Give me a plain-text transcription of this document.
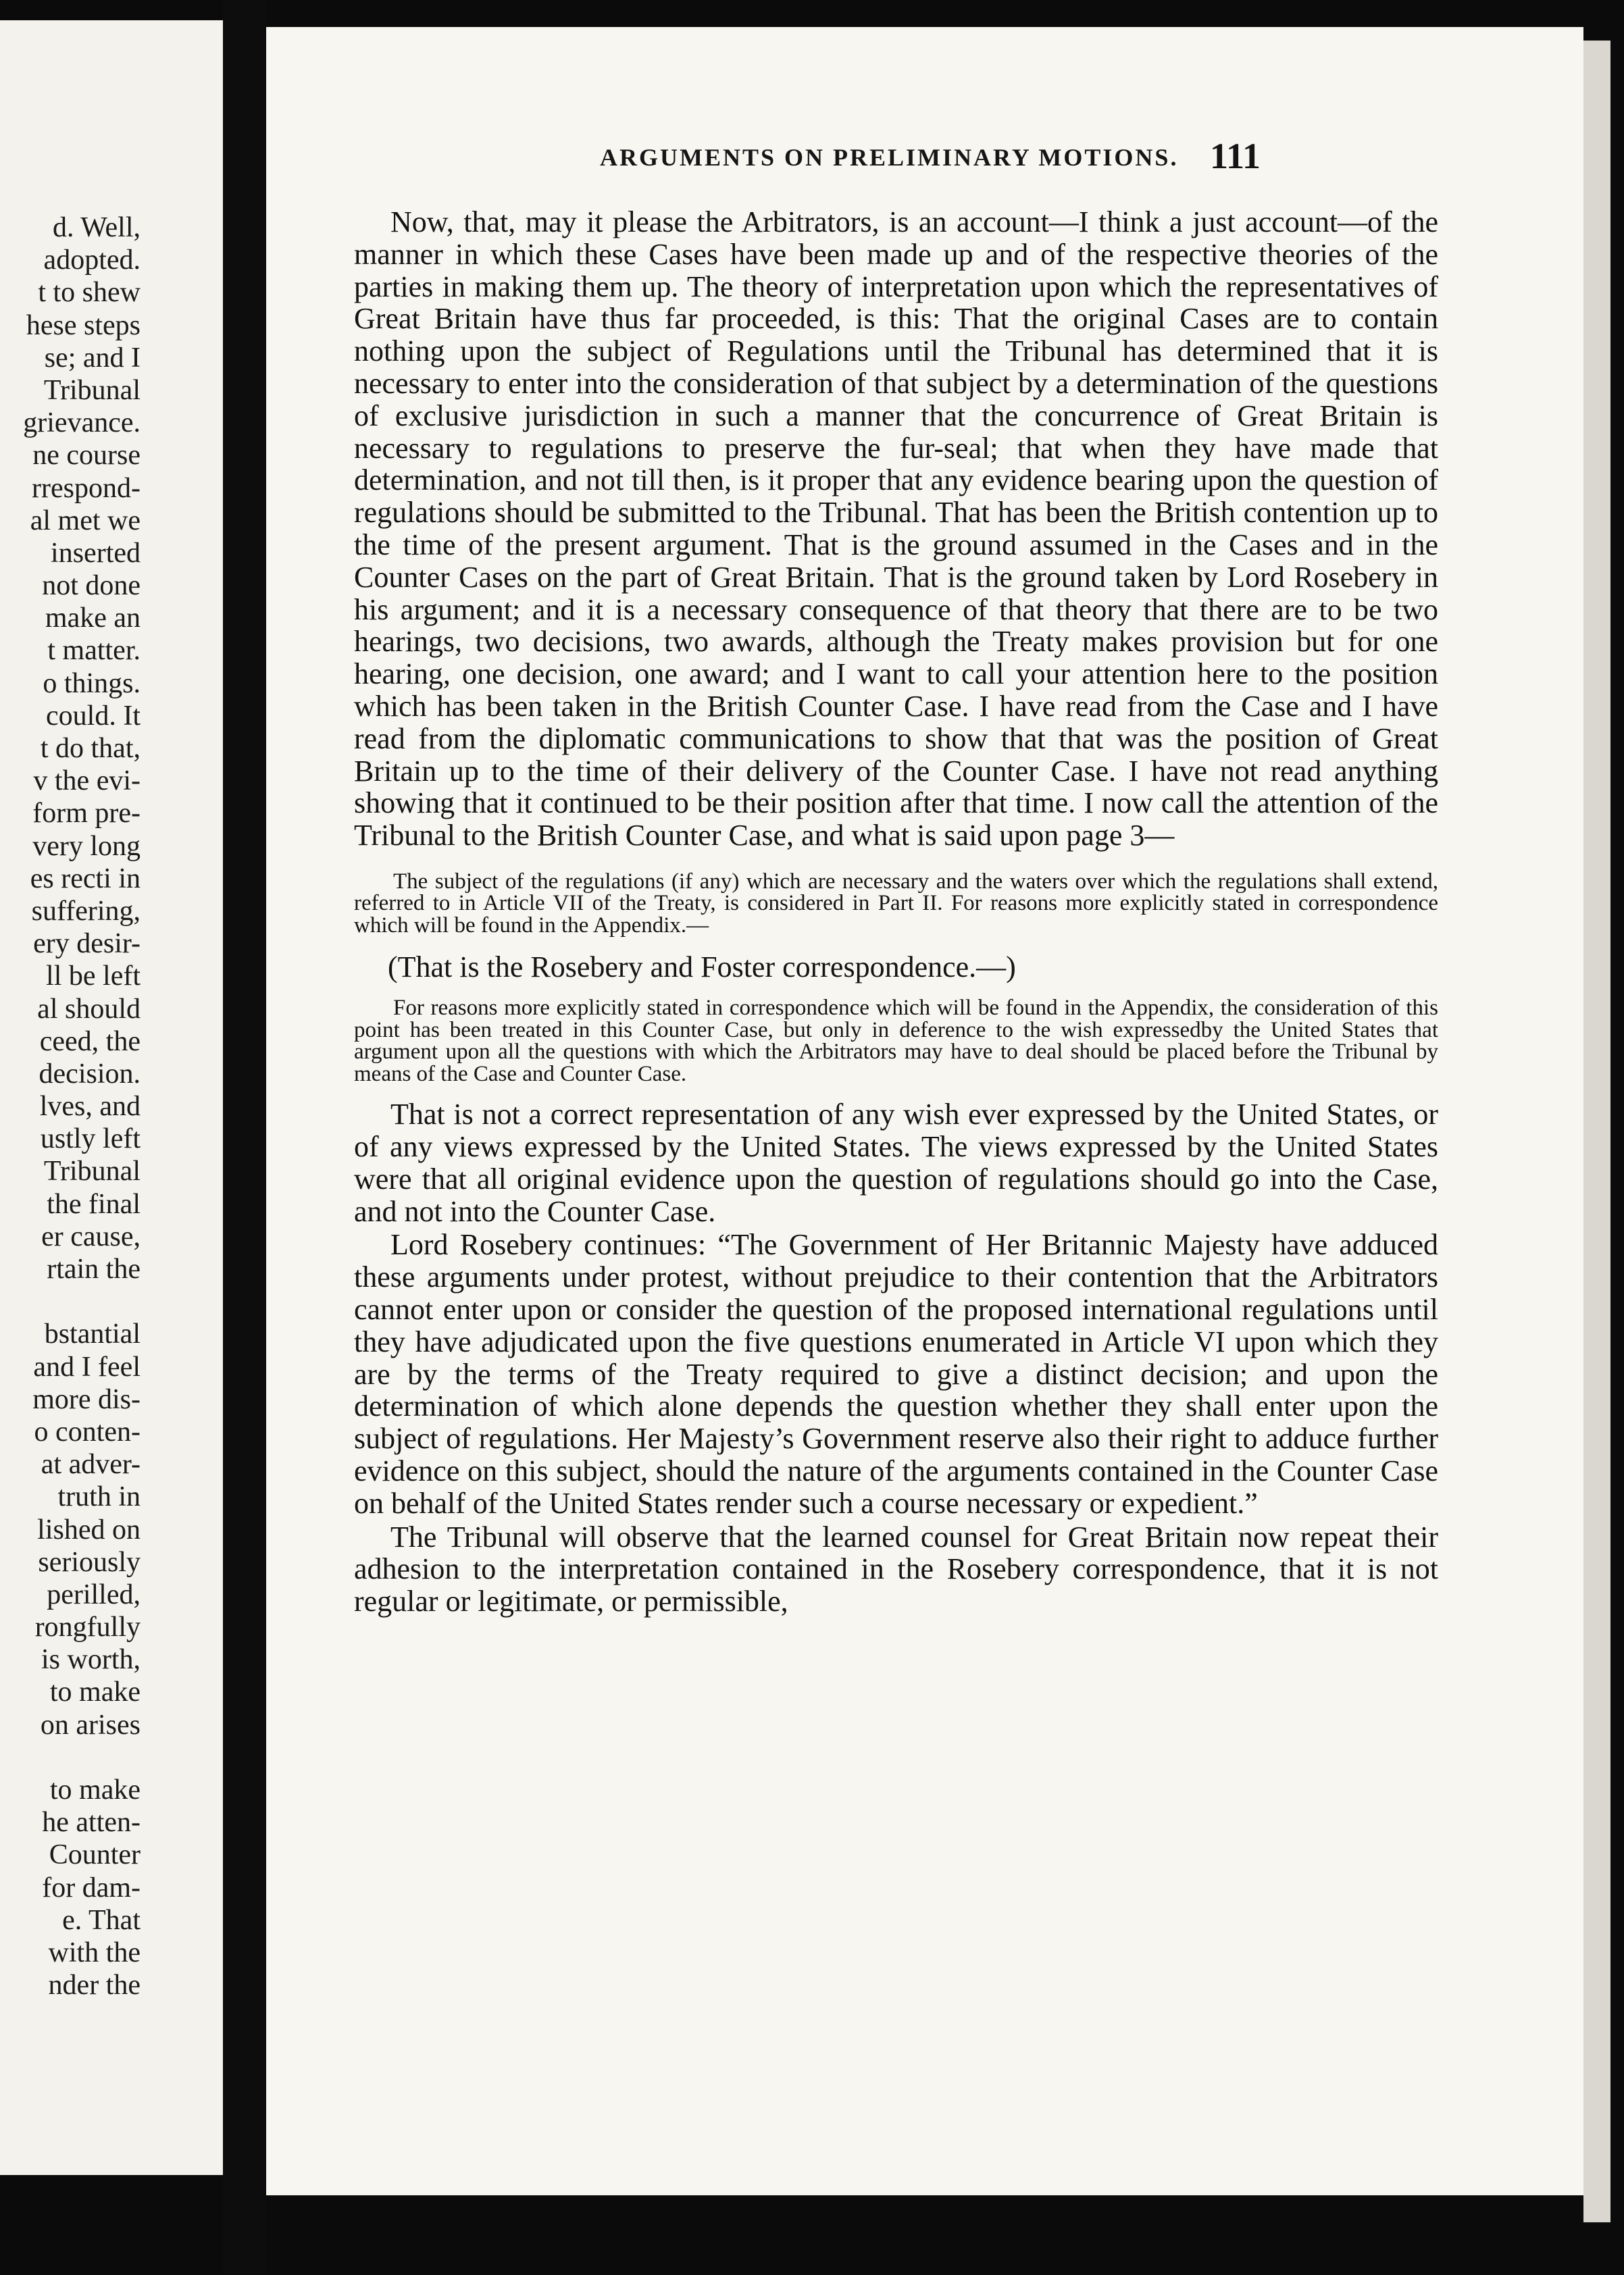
d. Well,
adopted.
t to shew
hese steps
se; and I
Tribunal
grievance.
ne course
rrespond-
al met we
inserted
not done
make an
t matter.
o things.
could. It
t do that,
v the evi-
form pre-
very long
es recti in
suffering,
ery desir-
ll be left
al should
ceed, the
decision.
lves, and
ustly left
Tribunal
the final
er cause,
rtain the
bstantial
and I feel
more dis-
o conten-
at adver-
truth in
lished on
seriously
perilled,
rongfully
is worth,
to make
on arises
to make
he atten-
Counter
for dam-
e. That
with the
nder the
ARGUMENTS ON PRELIMINARY MOTIONS. 111

Now, that, may it please the Arbitrators, is an account—I think a just account—of the manner in which these Cases have been made up and of the respective theories of the parties in making them up. The theory of interpretation upon which the representatives of Great Britain have thus far proceeded, is this: That the original Cases are to contain nothing upon the subject of Regulations until the Tribunal has determined that it is necessary to enter into the consideration of that subject by a determination of the questions of exclusive jurisdiction in such a manner that the concurrence of Great Britain is necessary to regulations to preserve the fur-seal; that when they have made that determination, and not till then, is it proper that any evidence bearing upon the question of regulations should be submitted to the Tribunal. That has been the British contention up to the time of the present argument. That is the ground assumed in the Cases and in the Counter Cases on the part of Great Britain. That is the ground taken by Lord Rosebery in his argument; and it is a necessary consequence of that theory that there are to be two hearings, two decisions, two awards, although the Treaty makes provision but for one hearing, one decision, one award; and I want to call your attention here to the position which has been taken in the British Counter Case. I have read from the Case and I have read from the diplomatic communications to show that that was the position of Great Britain up to the time of their delivery of the Counter Case. I have not read anything showing that it continued to be their position after that time. I now call the attention of the Tribunal to the British Counter Case, and what is said upon page 3—

The subject of the regulations (if any) which are necessary and the waters over which the regulations shall extend, referred to in Article VII of the Treaty, is considered in Part II. For reasons more explicitly stated in correspondence which will be found in the Appendix.—

(That is the Rosebery and Foster correspondence.—)

For reasons more explicitly stated in correspondence which will be found in the Appendix, the consideration of this point has been treated in this Counter Case, but only in deference to the wish expressedby the United States that argument upon all the questions with which the Arbitrators may have to deal should be placed before the Tribunal by means of the Case and Counter Case.

That is not a correct representation of any wish ever expressed by the United States, or of any views expressed by the United States. The views expressed by the United States were that all original evidence upon the question of regulations should go into the Case, and not into the Counter Case.

Lord Rosebery continues: “The Government of Her Britannic Majesty have adduced these arguments under protest, without prejudice to their contention that the Arbitrators cannot enter upon or consider the question of the proposed international regulations until they have adjudicated upon the five questions enumerated in Article VI upon which they are by the terms of the Treaty required to give a distinct decision; and upon the determination of which alone depends the question whether they shall enter upon the subject of regulations. Her Majesty’s Government reserve also their right to adduce further evidence on this subject, should the nature of the arguments contained in the Counter Case on behalf of the United States render such a course necessary or expedient.”

The Tribunal will observe that the learned counsel for Great Britain now repeat their adhesion to the interpretation contained in the Rosebery correspondence, that it is not regular or legitimate, or permissible,
